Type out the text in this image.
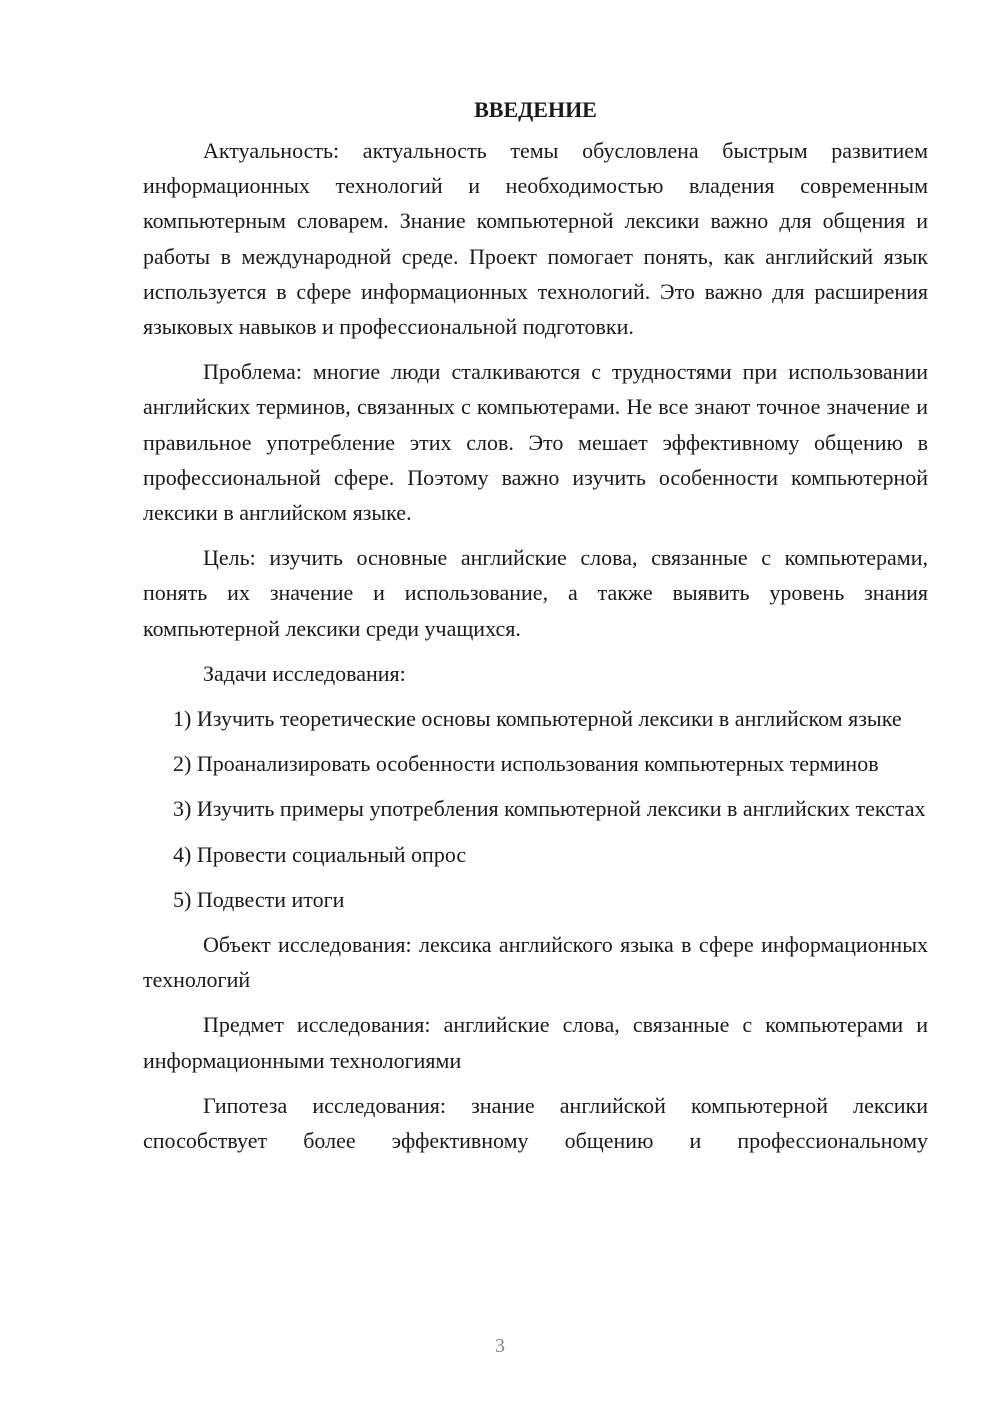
ВВЕДЕНИЕ

Актуальность: актуальность темы обусловлена быстрым развитием информационных технологий и необходимостью владения современным компьютерным словарем. Знание компьютерной лексики важно для общения и работы в международной среде. Проект помогает понять, как английский язык используется в сфере информационных технологий. Это важно для расширения языковых навыков и профессиональной подготовки.

Проблема: многие люди сталкиваются с трудностями при использовании английских терминов, связанных с компьютерами. Не все знают точное значение и правильное употребление этих слов. Это мешает эффективному общению в профессиональной сфере. Поэтому важно изучить особенности компьютерной лексики в английском языке.

Цель: изучить основные английские слова, связанные с компьютерами, понять их значение и использование, а также выявить уровень знания компьютерной лексики среди учащихся.

Задачи исследования:

1) Изучить теоретические основы компьютерной лексики в английском языке

2) Проанализировать особенности использования компьютерных терминов

3) Изучить примеры употребления компьютерной лексики в английских текстах

4) Провести социальный опрос

5) Подвести итоги

Объект исследования: лексика английского языка в сфере информационных технологий

Предмет исследования: английские слова, связанные с компьютерами и информационными технологиями

Гипотеза исследования: знание английской компьютерной лексики способствует более эффективному общению и профессиональному

3
